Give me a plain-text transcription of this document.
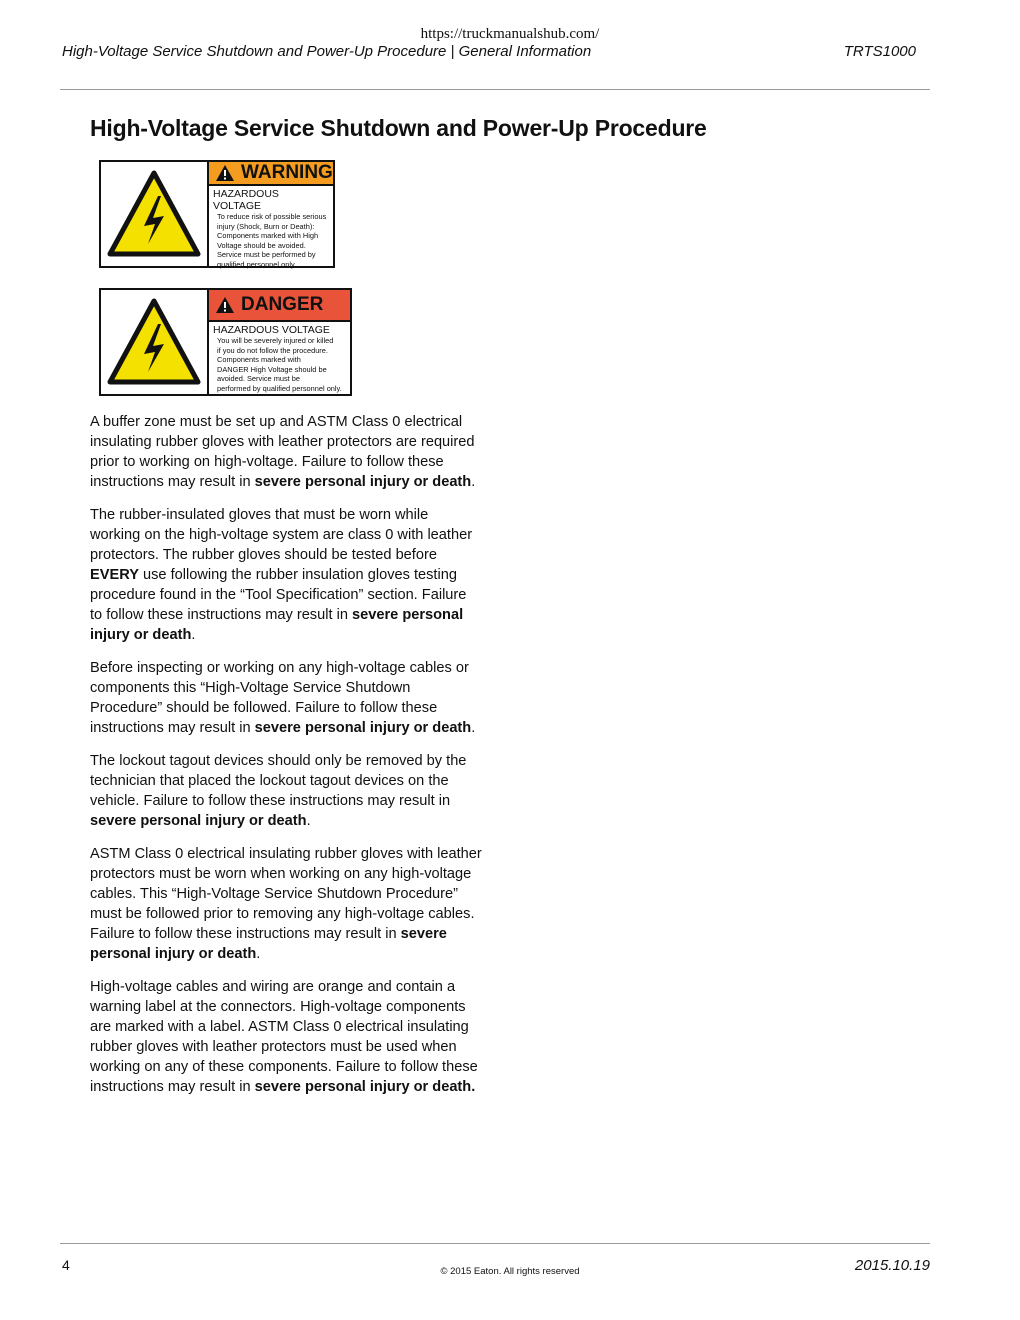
https://truckmanualshub.com/
High-Voltage Service Shutdown and Power-Up Procedure | General Information	TRTS1000
High-Voltage Service Shutdown and Power-Up Procedure
WARNING
HAZARDOUS VOLTAGE
To reduce risk of possible serious
injury (Shock, Burn or Death):
Components marked with High
Voltage should be avoided.
Service must be performed by
qualified personnel only.
DANGER
HAZARDOUS VOLTAGE
You will be severely injured or killed
if you do not follow the procedure.
Components marked with
DANGER High Voltage should be
avoided. Service must be
performed by qualified personnel only.

A buffer zone must be set up and ASTM Class 0 electrical insulating rubber gloves with leather protectors are required prior to working on high-voltage. Failure to follow these instructions may result in severe personal injury or death.

The rubber-insulated gloves that must be worn while working on the high-voltage system are class 0 with leather protectors. The rubber gloves should be tested before EVERY use following the rubber insulation gloves testing procedure found in the “Tool Specification” section. Failure to follow these instructions may result in severe personal injury or death.

Before inspecting or working on any high-voltage cables or components this “High-Voltage Service Shutdown Procedure” should be followed. Failure to follow these instructions may result in severe personal injury or death.

The lockout tagout devices should only be removed by the technician that placed the lockout tagout devices on the vehicle. Failure to follow these instructions may result in severe personal injury or death.

ASTM Class 0 electrical insulating rubber gloves with leather protectors must be worn when working on any high-voltage cables. This “High-Voltage Service Shutdown Procedure” must be followed prior to removing any high-voltage cables. Failure to follow these instructions may result in severe personal injury or death.

High-voltage cables and wiring are orange and contain a warning label at the connectors. High-voltage components are marked with a label. ASTM Class 0 electrical insulating rubber gloves with leather protectors must be used when working on any of these components. Failure to follow these instructions may result in severe personal injury or death.

4	© 2015 Eaton. All rights reserved	2015.10.19
